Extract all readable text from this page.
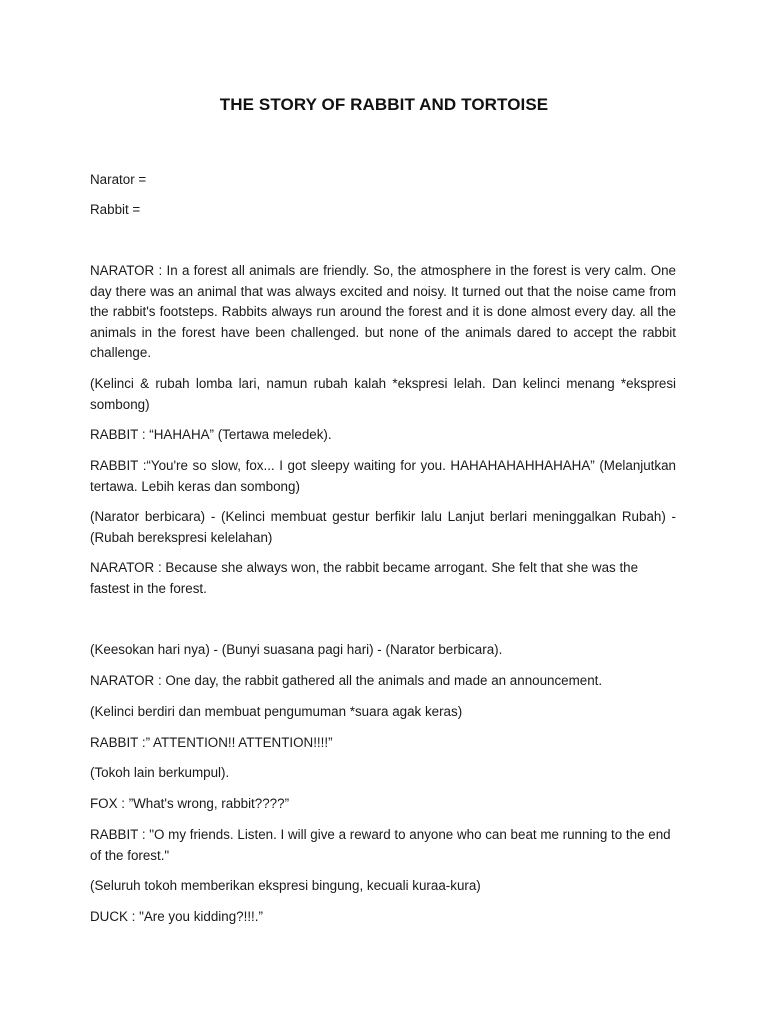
THE STORY OF RABBIT AND TORTOISE

Narator =

Rabbit =

NARATOR : In a forest all animals are friendly. So, the atmosphere in the forest is very calm. One day there was an animal that was always excited and noisy. It turned out that the noise came from the rabbit's footsteps. Rabbits always run around the forest and it is done almost every day. all the animals in the forest have been challenged. but none of the animals dared to accept the rabbit challenge.

(Kelinci & rubah lomba lari, namun rubah kalah *ekspresi lelah. Dan kelinci menang *ekspresi sombong)

RABBIT : “HAHAHA” (Tertawa meledek).

RABBIT :“You're so slow, fox... I got sleepy waiting for you. HAHAHAHAHHAHAHA” (Melanjutkan tertawa. Lebih keras dan sombong)

(Narator berbicara) - (Kelinci membuat gestur berfikir lalu Lanjut berlari meninggalkan Rubah) - (Rubah berekspresi kelelahan)

NARATOR : Because she always won, the rabbit became arrogant. She felt that she was the fastest in the forest.

(Keesokan hari nya) - (Bunyi suasana pagi hari) - (Narator berbicara).

NARATOR : One day, the rabbit gathered all the animals and made an announcement.

(Kelinci berdiri dan membuat pengumuman *suara agak keras)

RABBIT :” ATTENTION!! ATTENTION!!!!”

(Tokoh lain berkumpul).

FOX : ”What's wrong, rabbit????”

RABBIT : "O my friends. Listen. I will give a reward to anyone who can beat me running to the end of the forest."

(Seluruh tokoh memberikan ekspresi bingung, kecuali kuraa-kura)

DUCK : "Are you kidding?!!!.”
